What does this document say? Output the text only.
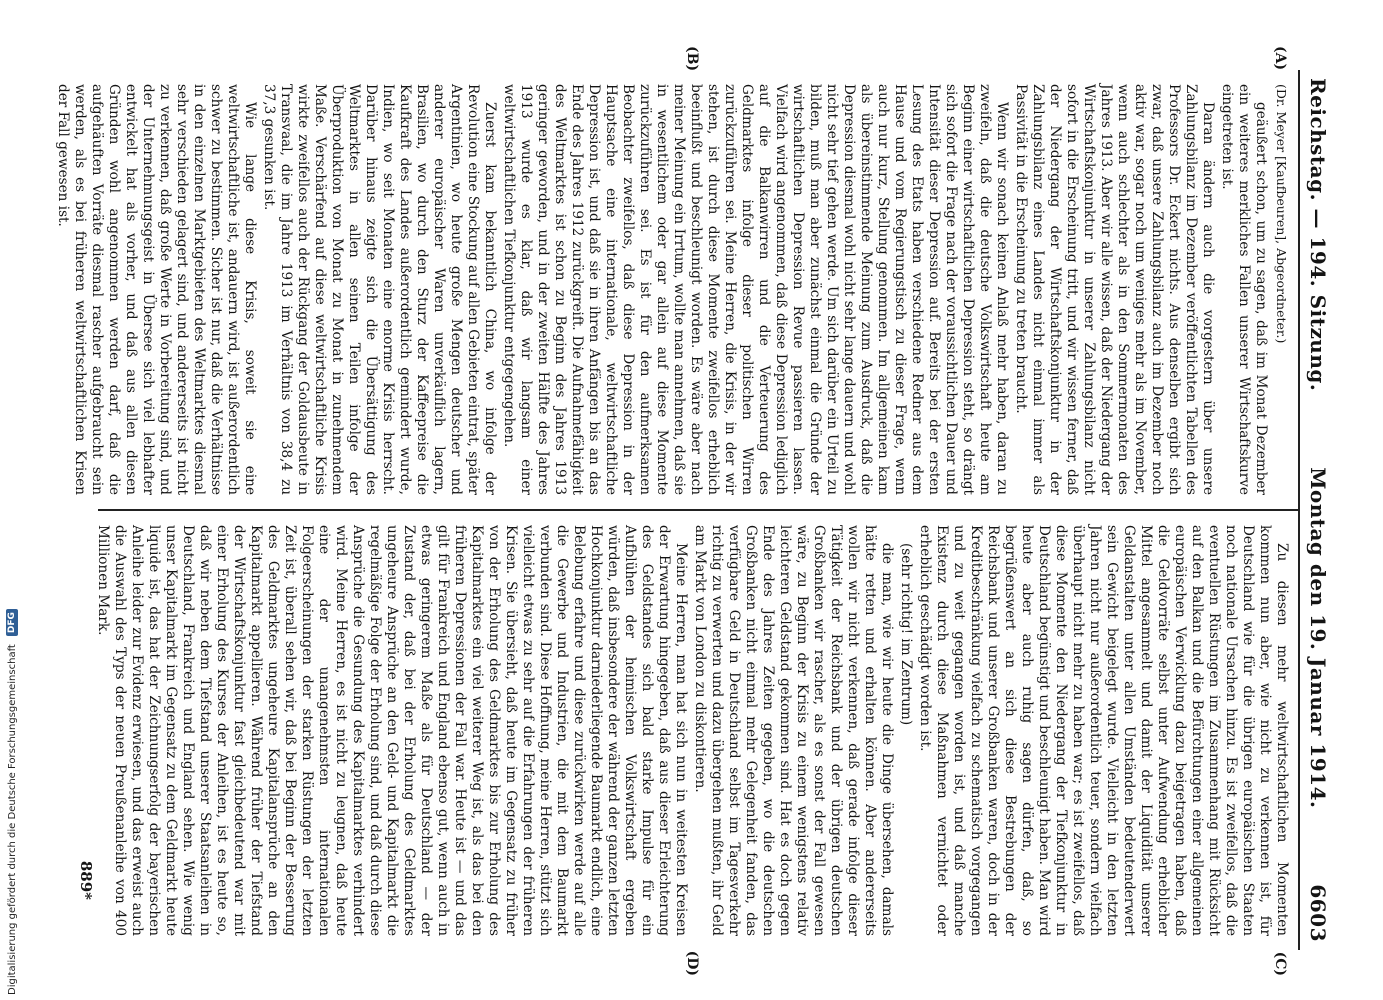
Reichstag. — 194. Sitzung.
Montag den 19. Januar 1914.
6603

(Dr. Meyer [Kaufbeuren], Abgeordneter.)

geäußert schon, um zu sagen, daß im Monat Dezember ein weiteres merkliches Fallen unserer Wirtschaftskurve eingetreten ist.

Daran ändern auch die vorgestern über unsere Zahlungsbilanz im Dezember veröffentlichten Tabellen des Professors Dr. Eckert nichts. Aus denselben ergibt sich zwar, daß unsere Zahlungsbilanz auch im Dezember noch aktiv war, sogar noch um weniges mehr als im November, wenn auch schlechter als in den Sommermonaten des Jahres 1913. Aber wir alle wissen, daß der Niedergang der Wirtschaftskonjunktur in unserer Zahlungsbilanz nicht sofort in die Erscheinung tritt, und wir wissen ferner, daß der Niedergang der Wirtschaftskonjunktur in der Zahlungsbilanz eines Landes nicht einmal immer als Passivität in die Erscheinung zu treten braucht.

Wenn wir sonach keinen Anlaß mehr haben, daran zu zweifeln, daß die deutsche Volkswirtschaft heute am Beginn einer wirtschaftlichen Depression steht, so drängt sich sofort die Frage nach der voraussichtlichen Dauer und Intensität dieser Depression auf. Bereits bei der ersten Lesung des Etats haben verschiedene Redner aus dem Hause und vom Regierungstisch zu dieser Frage, wenn auch nur kurz, Stellung genommen. Im allgemeinen kam als übereinstimmende Meinung zum Ausdruck, daß die Depression diesmal wohl nicht sehr lange dauern und wohl nicht sehr tief gehen werde. Um sich darüber ein Urteil zu bilden, muß man aber zunächst einmal die Gründe der wirtschaftlichen Depression Revue passieren lassen. Vielfach wird angenommen, daß diese Depression lediglich auf die Balkanwirren und die Verteuerung des Geldmarktes infolge dieser politischen Wirren zurückzuführen sei. Meine Herren, die Krisis, in der wir stehen, ist durch diese Momente zweifellos erheblich beeinflußt und beschleunigt worden. Es wäre aber nach meiner Meinung ein Irrtum, wollte man annehmen, daß sie in wesentlichem oder gar allein auf diese Momente zurückzuführen sei. Es ist für den aufmerksamen Beobachter zweifellos, daß diese Depression in der Hauptsache eine internationale, weltwirtschaftliche Depression ist, und daß sie in ihren Anfängen bis an das Ende des Jahres 1912 zurückgreift. Die Aufnahmefähigkeit des Weltmarktes ist schon zu Beginn des Jahres 1913 geringer geworden, und in der zweiten Hälfte des Jahres 1913 wurde es klar, daß wir langsam einer weltwirtschaftlichen Tiefkonjunktur entgegengehen.

Zuerst kam bekanntlich China, wo infolge der Revolution eine Stockung auf allen Gebieten eintrat, später Argentinien, wo heute große Mengen deutscher und anderer europäischer Waren unverkäuflich lagern, Brasilien, wo durch den Sturz der Kaffeepreise die Kaufkraft des Landes außerordentlich gemindert wurde, Indien, wo seit Monaten eine enorme Krisis herrscht. Darüber hinaus zeigte sich die Übersättigung des Weltmarktes in allen seinen Teilen infolge der Überproduktion von Monat zu Monat in zunehmendem Maße. Verschärfend auf diese weltwirtschaftliche Krisis wirkte zweifellos auch der Rückgang der Goldausbeute in Transvaal, die im Jahre 1913 im Verhältnis von 38,4 zu 37,3 gesunken ist.

Wie lange diese Krisis, soweit sie eine weltwirtschaftliche ist, andauern wird, ist außerordentlich schwer zu bestimmen. Sicher ist nur, daß die Verhältnisse in den einzelnen Marktgebieten des Weltmarktes diesmal sehr verschieden gelagert sind, und andererseits ist nicht zu verkennen, daß große Werte in Vorbereitung sind, und der Unternehmungsgeist in Übersee sich viel lebhafter entwickelt hat als vorher, und daß aus allen diesen Gründen wohl angenommen werden darf, daß die aufgehäuften Vorräte diesmal rascher aufgebraucht sein werden, als es bei früheren weltwirtschaftlichen Krisen der Fall gewesen ist.

Zu diesen mehr weltwirtschaftlichen Momenten kommen nun aber, wie nicht zu verkennen ist, für Deutschland wie für die übrigen europäischen Staaten noch nationale Ursachen hinzu. Es ist zweifellos, daß die eventuellen Rüstungen im Zusammenhang mit Rücksicht auf den Balkan und die Befürchtungen einer allgemeinen europäischen Verwicklung dazu beigetragen haben, daß die Geldvorräte selbst unter Aufwendung erheblicher Mittel angesammelt und damit der Liquidität unserer Geldanstalten unter allen Umständen bedeutenderwert sein Gewicht beigelegt wurde. Vielleicht in den letzten Jahren nicht nur außerordentlich teuer, sondern vielfach überhaupt nicht mehr zu haben war; es ist zweifellos, daß diese Momente den Niedergang der Tiefkonjunktur in Deutschland begünstigt und beschleunigt haben. Man wird heute aber auch ruhig sagen dürfen, daß, so begrüßenswert an sich diese Bestrebungen der Reichsbank und unserer Großbanken waren, doch in der Kreditbeschränkung vielfach zu schematisch vorgegangen und zu weit gegangen worden ist, und daß manche Existenz durch diese Maßnahmen vernichtet oder erheblich geschädigt worden ist.

(sehr richtig! im Zentrum)

die man, wie wir heute die Dinge übersehen, damals hätte retten und erhalten können. Aber andererseits wollen wir nicht verkennen, daß gerade infolge dieser Tätigkeit der Reichsbank und der übrigen deutschen Großbanken wir rascher, als es sonst der Fall gewesen wäre, zu Beginn der Krisis zu einem wenigstens relativ leichteren Geldstand gekommen sind. Hat es doch gegen Ende des Jahres Zeiten gegeben, wo die deutschen Großbanken nicht einmal mehr Gelegenheit fanden, das verfügbare Geld in Deutschland selbst im Tagesverkehr richtig zu verwerten und dazu übergehen mußten, ihr Geld am Markt von London zu diskontieren.

Meine Herren, man hat sich nun in weitesten Kreisen der Erwartung hingegeben, daß aus dieser Erleichterung des Geldstandes sich bald starke Impulse für ein Aufblühen der heimischen Volkswirtschaft ergeben würden, daß insbesondere der während der ganzen letzten Hochkonjunktur darniederliegende Baumarkt endlich, eine Belebung erfahre und diese zurückwirken werde auf alle die Gewerbe und Industrien, die mit dem Baumarkt verbunden sind. Diese Hoffnung, meine Herren, stützt sich vielleicht etwas zu sehr auf die Erfahrungen der früheren Krisen. Sie übersieht, daß heute im Gegensatz zu früher von der Erholung des Geldmarktes bis zur Erholung des Kapitalmarktes ein viel weiterer Weg ist, als das bei den früheren Depressionen der Fall war. Heute ist — und das gilt für Frankreich und England ebenso gut, wenn auch in etwas geringerem Maße als für Deutschland — der Zustand der, daß bei der Erholung des Geldmarktes ungeheure Ansprüche an den Geld- und Kapitalmarkt die regelmäßige Folge der Erholung sind, und daß durch diese Ansprüche die Gesundung des Kapitalmarktes verhindert wird. Meine Herren, es ist nicht zu leugnen, daß heute eine der unangenehmsten internationalen Folgeerscheinungen der starken Rüstungen der letzten Zeit ist, überall sehen wir, daß bei Beginn der Besserung des Geldmarktes ungeheure Kapitalansprüche an den Kapitalmarkt appellieren. Während früher der Tiefstand der Wirtschaftskonjunktur fast gleichbedeutend war mit einer Erholung des Kurses der Anleihen, ist es heute so, daß wir neben dem Tiefstand unserer Staatsanleihen in Deutschland, Frankreich und England sehen. Wie wenig unser Kapitalmarkt im Gegensatz zu dem Geldmarkt heute liquide ist, das hat der Zeichnungserfolg der bayerischen Anleihe leider zur Evidenz erwiesen, und das erweist auch die Auswahl des Typs der neuen Preußenanleihe von 400 Millionen Mark.

(A)
(B)
(C)
(D)
889*
Digitalisierung gefördert durch die Deutsche Forschungsgemeinschaft
DFG
